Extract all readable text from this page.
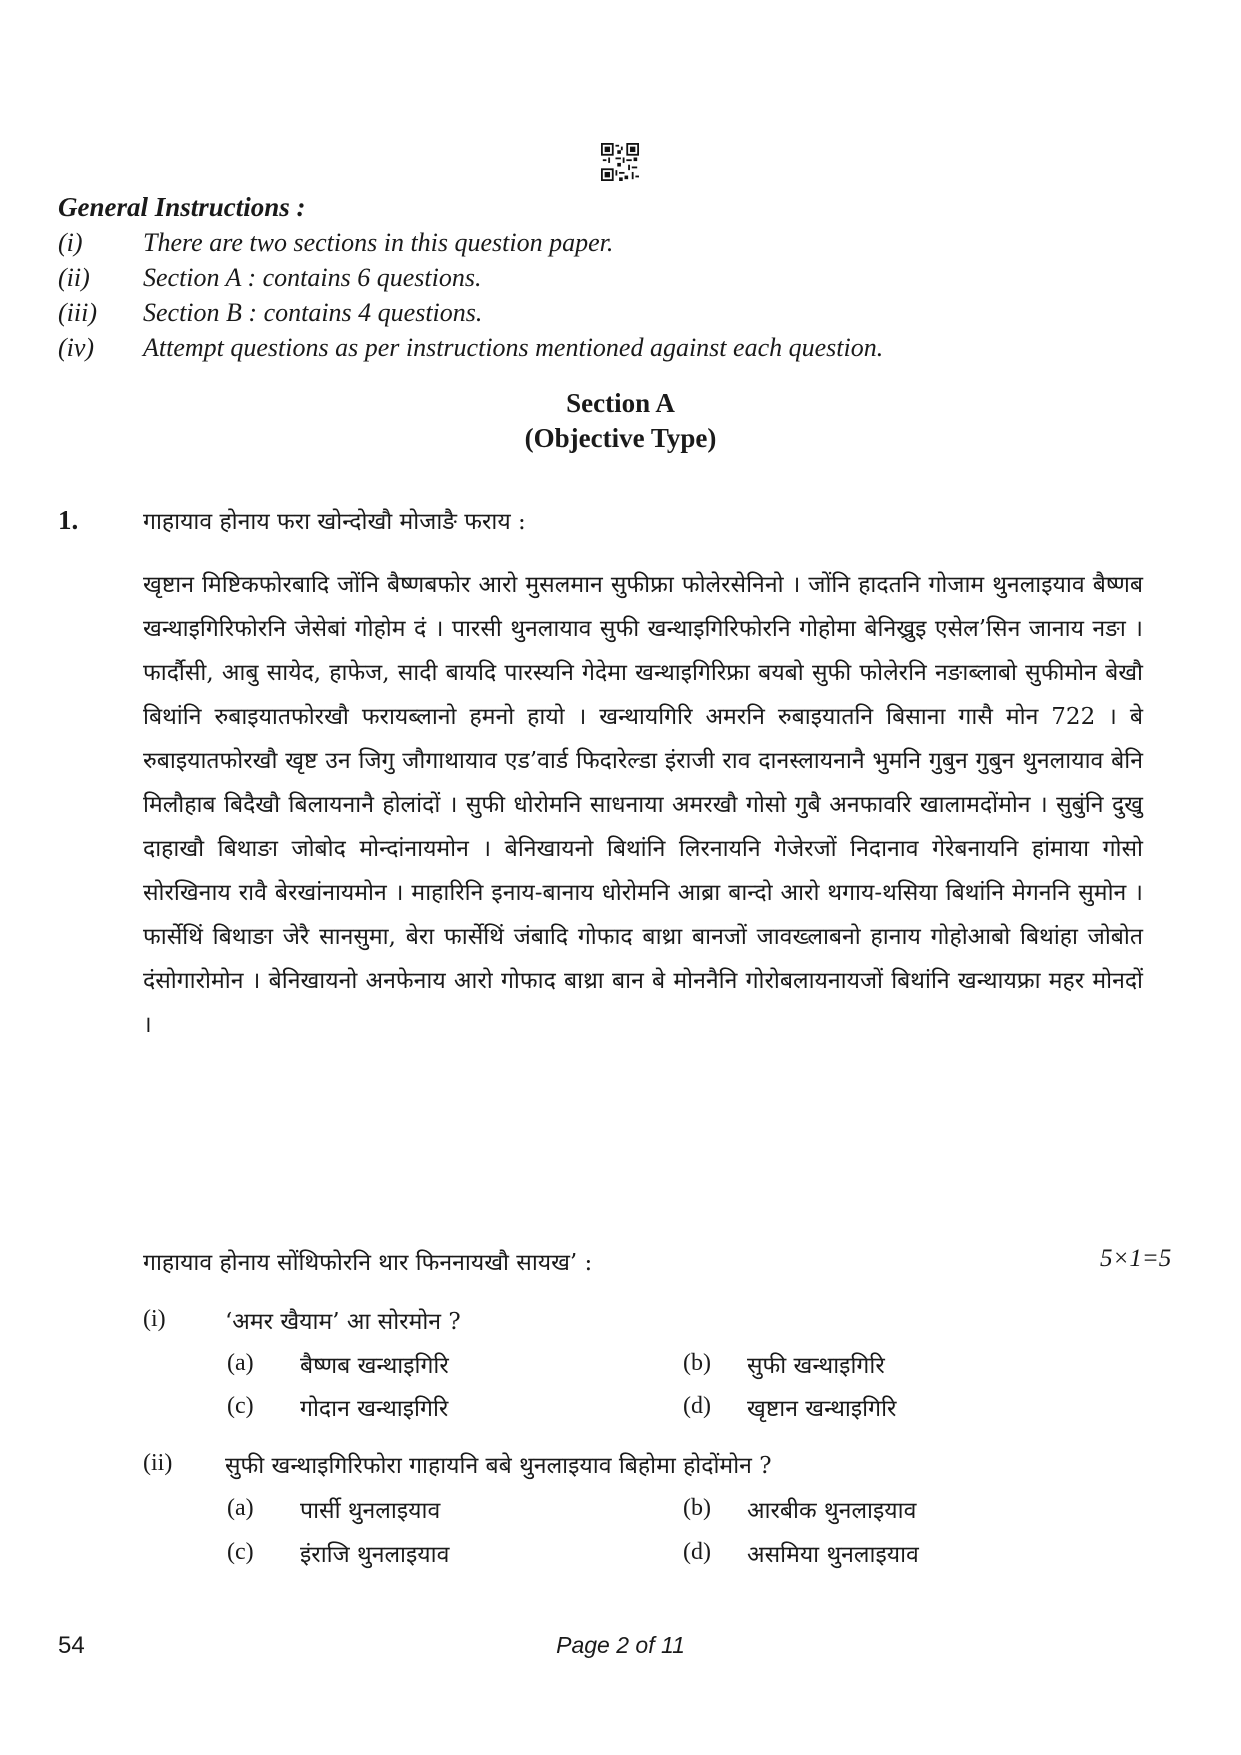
General Instructions :
(i) There are two sections in this question paper.
(ii) Section A : contains 6 questions.
(iii) Section B : contains 4 questions.
(iv) Attempt questions as per instructions mentioned against each question.
Section A
(Objective Type)
1.	गाहायाव होनाय फरा खोन्दोखौ मोजाङै फराय :
खृष्टान मिष्टिकफोरबादि जोंनि बैष्णबफोर आरो मुसलमान सुफीफ्रा फोलेरसेनिनो । जोंनि हादतनि गोजाम थुनलाइयाव बैष्णब खन्थाइगिरिफोरनि जेसेबां गोहोम दं । पारसी थुनलायाव सुफी खन्थाइगिरिफोरनि गोहोमा बेनिख्रुइ एसेल’सिन जानाय नङा । फार्दौसी, आबु सायेद, हाफेज, सादी बायदि पारस्यनि गेदेमा खन्थाइगिरिफ्रा बयबो सुफी फोलेरनि नङाब्लाबो सुफीमोन बेखौ बिथांनि रुबाइयातफोरखौ फरायब्लानो हमनो हायो । खन्थायगिरि अमरनि रुबाइयातनि बिसाना गासै मोन 722 । बे रुबाइयातफोरखौ खृष्ट उन जिगु जौगाथायाव एड’वार्ड फिदारेल्डा इंराजी राव दानस्लायनानै भुमनि गुबुन गुबुन थुनलायाव बेनि मिलौहाब बिदैखौ बिलायनानै होलांदों । सुफी धोरोमनि साधनाया अमरखौ गोसो गुबै अनफावरि खालामदोंमोन । सुबुंनि दुखु दाहाखौ बिथाङा जोबोद मोन्दांनायमोन । बेनिखायनो बिथांनि लिरनायनि गेजेरजों निदानाव गेरेबनायनि हांमाया गोसो सोरखिनाय रावै बेरखांनायमोन । माहारिनि इनाय-बानाय धोरोमनि आब्रा बान्दो आरो थगाय-थसिया बिथांनि मेगननि सुमोन । फार्सेथिं बिथाङा जेरै सानसुमा, बेरा फार्सेथिं जंबादि गोफाद बाथ्रा बानजों जावख्लाबनो हानाय गोहोआबो बिथांहा जोबोत दंसोगारोमोन । बेनिखायनो अनफेनाय आरो गोफाद बाथ्रा बान बे मोननैनि गोरोबलायनायजों बिथांनि खन्थायफ्रा महर मोनदों ।
गाहायाव होनाय सोंथिफोरनि थार फिननायखौ सायख’ :	5×1=5
(i)	‘अमर खैयाम’ आ सोरमोन ?
(a) बैष्णब खन्थाइगिरि	(b) सुफी खन्थाइगिरि
(c) गोदान खन्थाइगिरि	(d) खृष्टान खन्थाइगिरि
(ii) सुफी खन्थाइगिरिफोरा गाहायनि बबे थुनलाइयाव बिहोमा होदोंमोन ?
(a) पार्सी थुनलाइयाव	(b) आरबीक थुनलाइयाव
(c) इंराजि थुनलाइयाव	(d) असमिया थुनलाइयाव
54	Page 2 of 11
